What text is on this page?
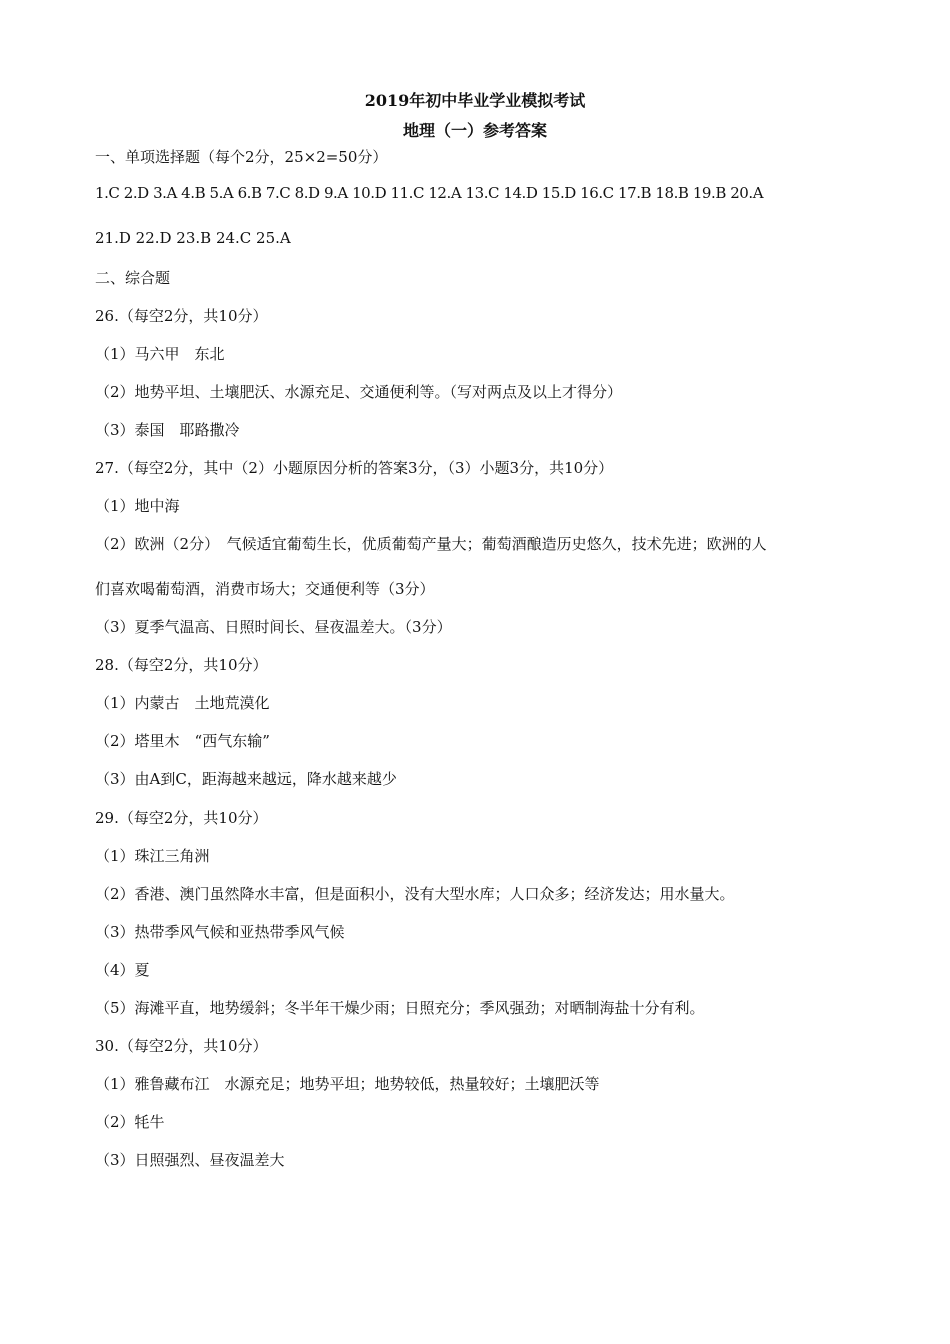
2019年初中毕业学业模拟考试
地理（一）参考答案
一、单项选择题（每个2分，25×2=50分）
1.C 2.D 3.A 4.B 5.A 6.B 7.C 8.D 9.A 10.D 11.C 12.A 13.C 14.D 15.D 16.C 17.B 18.B 19.B 20.A
21.D 22.D 23.B 24.C 25.A
二、综合题
26.（每空2分，共10分）
（1）马六甲　东北
（2）地势平坦、土壤肥沃、水源充足、交通便利等。（写对两点及以上才得分）
（3）泰国　耶路撒冷
27.（每空2分，其中（2）小题原因分析的答案3分，（3）小题3分，共10分）
（1）地中海
（2）欧洲（2分）　气候适宜葡萄生长，优质葡萄产量大；葡萄酒酿造历史悠久，技术先进；欧洲的人
们喜欢喝葡萄酒，消费市场大；交通便利等（3分）
（3）夏季气温高、日照时间长、昼夜温差大。（3分）
28.（每空2分，共10分）
（1）内蒙古　土地荒漠化
（2）塔里木　“西气东输”
（3）由A到C，距海越来越远，降水越来越少
29.（每空2分，共10分）
（1）珠江三角洲
（2）香港、澳门虽然降水丰富，但是面积小，没有大型水库；人口众多；经济发达；用水量大。
（3）热带季风气候和亚热带季风气候
（4）夏
（5）海滩平直，地势缓斜；冬半年干燥少雨；日照充分；季风强劲；对晒制海盐十分有利。
30.（每空2分，共10分）
（1）雅鲁藏布江　水源充足；地势平坦；地势较低，热量较好；土壤肥沃等
（2）牦牛
（3）日照强烈、昼夜温差大
